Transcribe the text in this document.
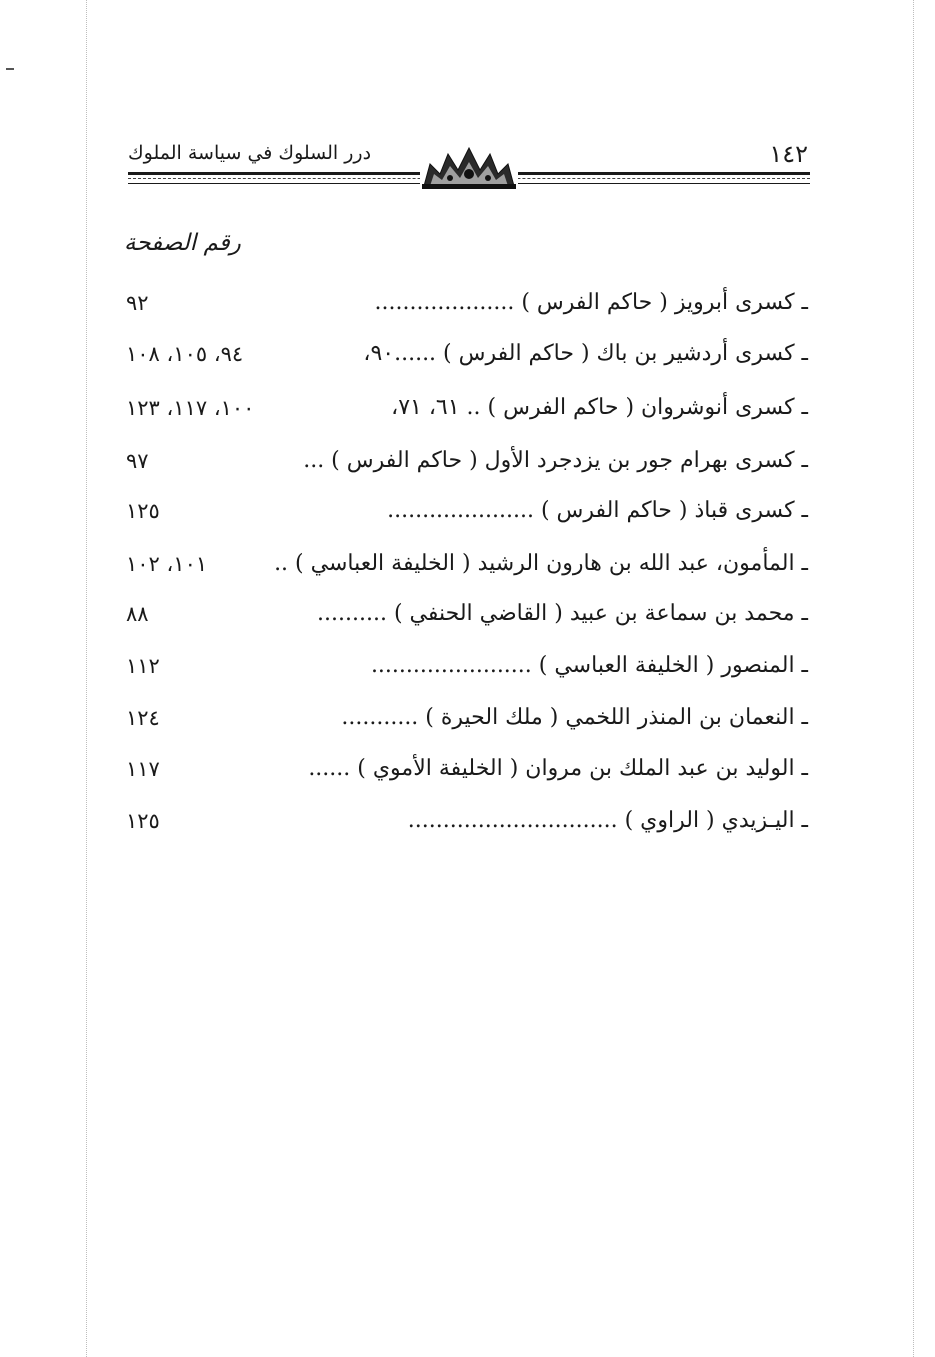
درر السلوك في سياسة الملوك	١٤٢
رقم الصفحة
ـ كسرى أبرويز ( حاكم الفرس ) ....................
٩٢
ـ كسرى أردشير بن باك ( حاكم الفرس ) ......٩٠،
٩٤، ١٠٥، ١٠٨
ـ كسرى أنوشروان ( حاكم الفرس ) .. ٦١، ٧١،
١٠٠، ١١٧، ١٢٣
ـ كسرى بهرام جور بن يزدجرد الأول ( حاكم الفرس ) ...
٩٧
ـ كسرى قباذ ( حاكم الفرس ) .....................
١٢٥
ـ المأمون، عبد الله بن هارون الرشيد ( الخليفة العباسي ) ..
١٠١، ١٠٢
ـ محمد بن سماعة بن عبيد ( القاضي الحنفي ) ..........
٨٨
ـ المنصور ( الخليفة العباسي ) .......................
١١٢
ـ النعمان بن المنذر اللخمي ( ملك الحيرة ) ...........
١٢٤
ـ الوليد بن عبد الملك بن مروان ( الخليفة الأموي ) ......
١١٧
ـ اليـزيدي ( الراوي ) ..............................
١٢٥
